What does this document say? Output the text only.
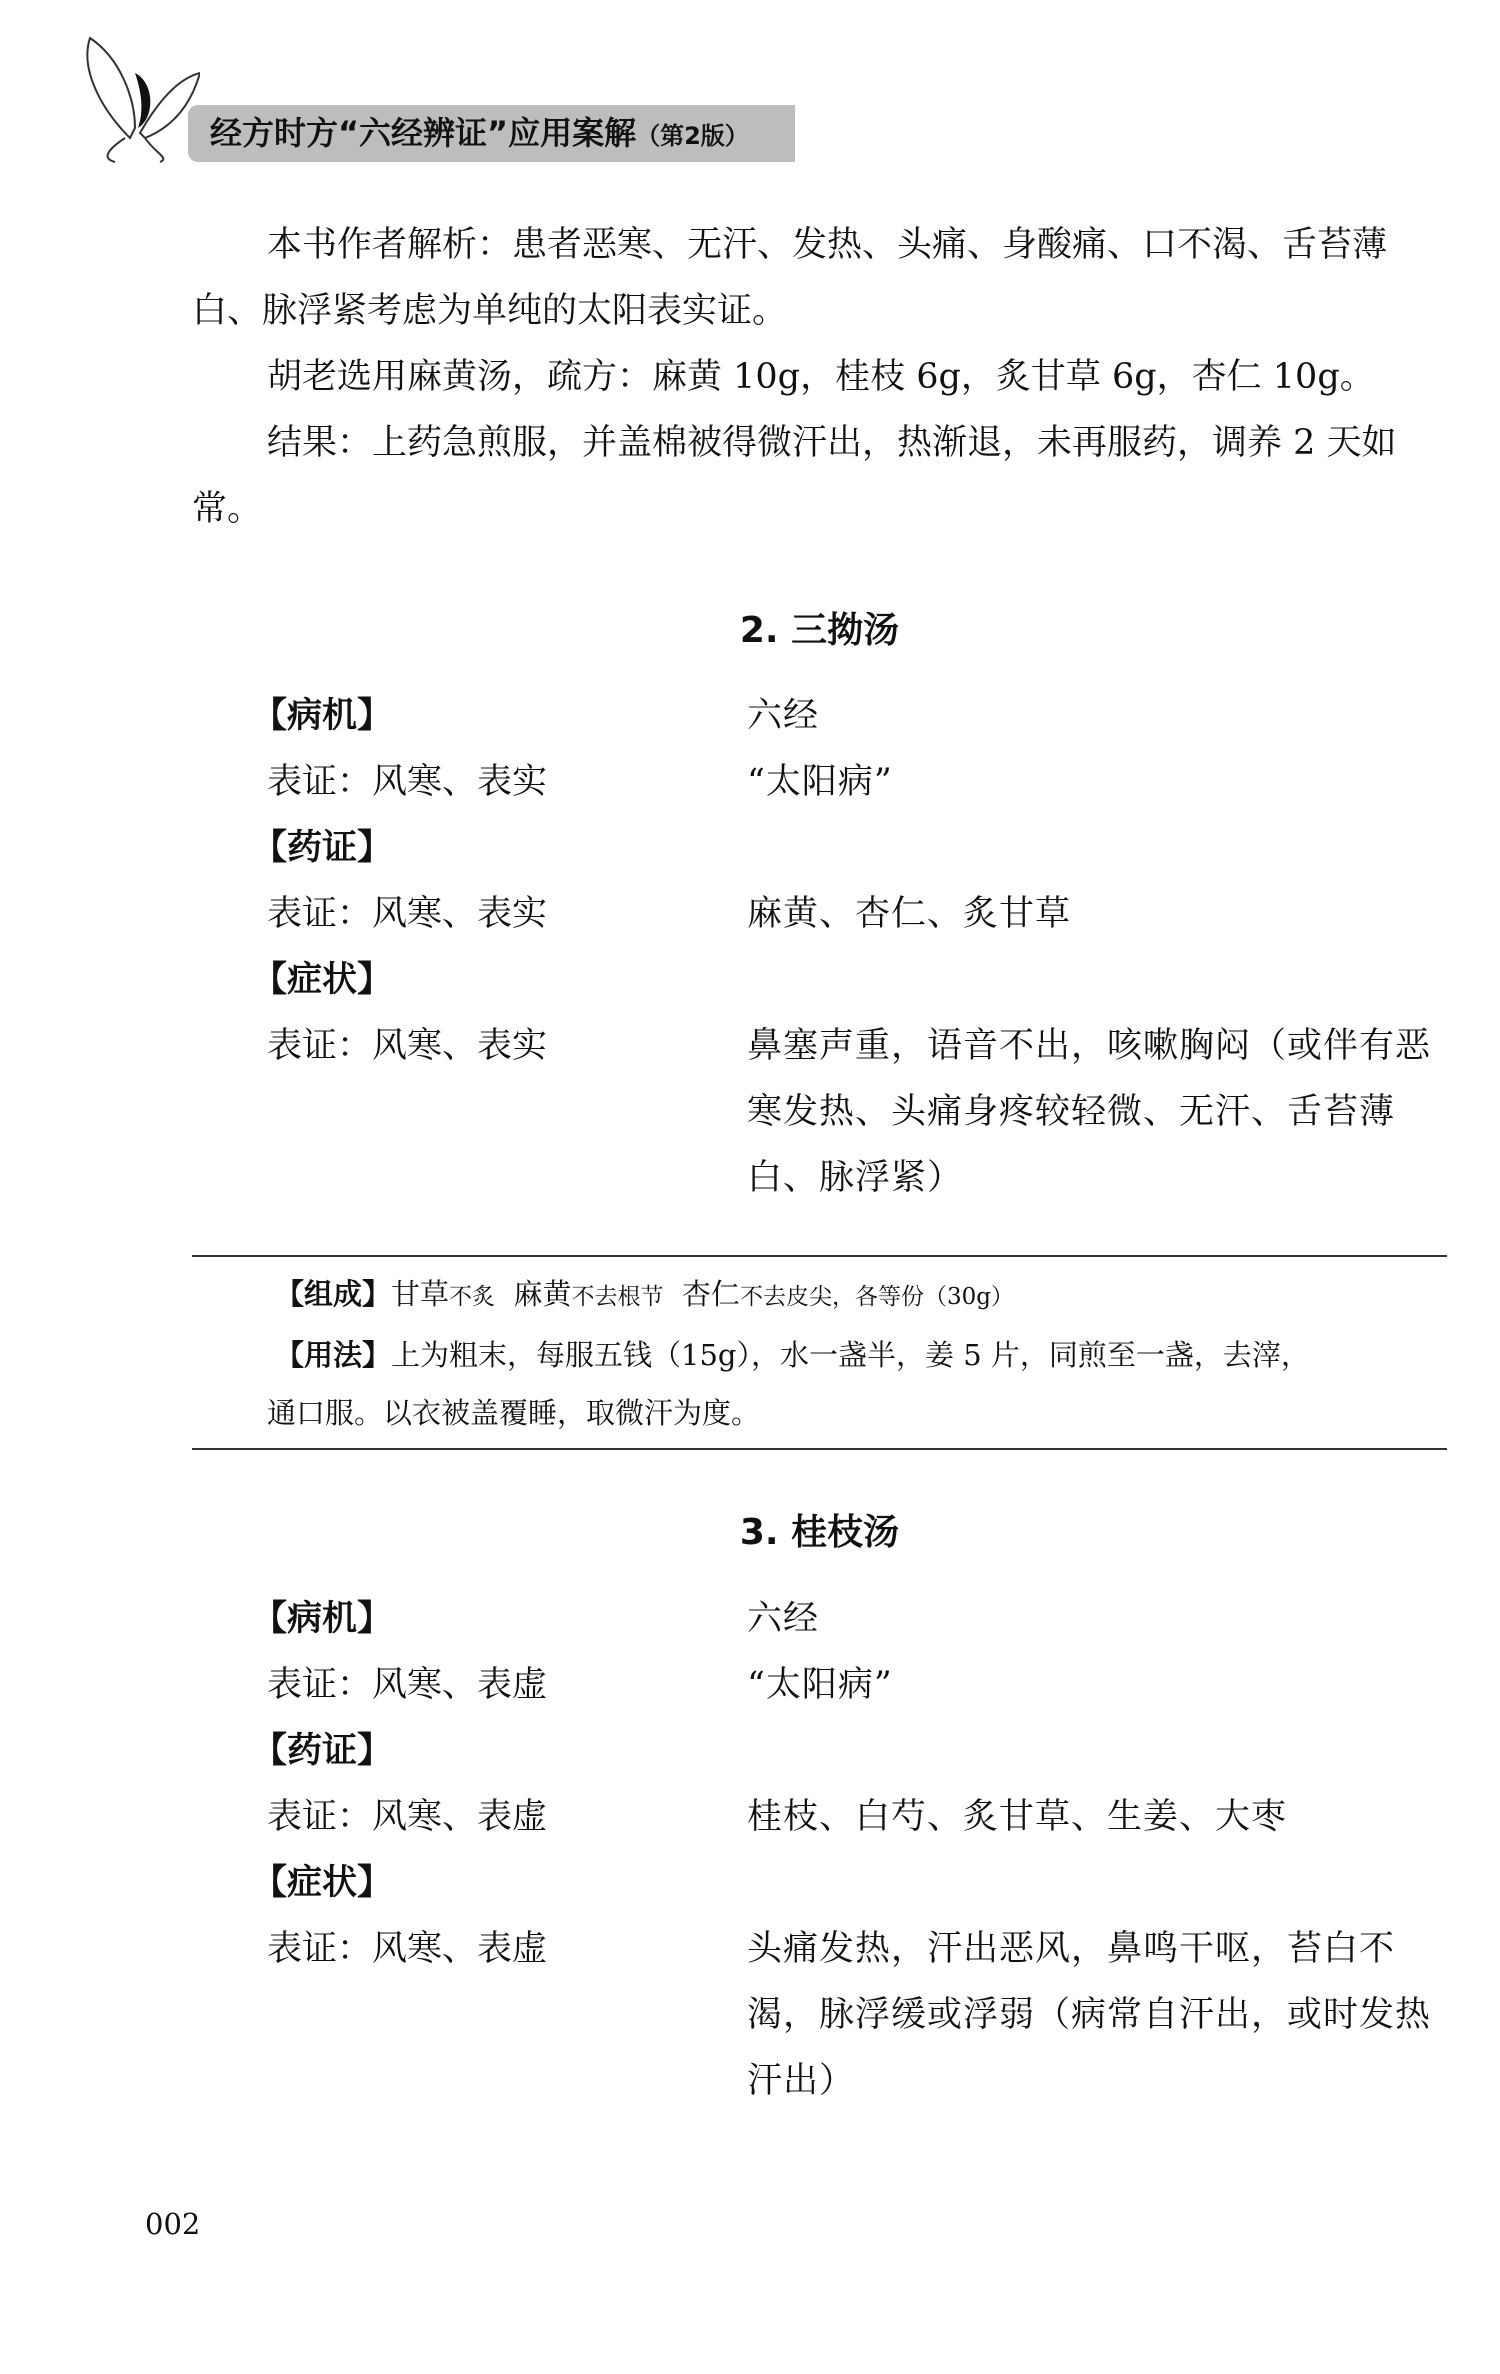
经方时方“六经辨证”应用案解（第2版）

本书作者解析：患者恶寒、无汗、发热、头痛、身酸痛、口不渴、舌苔薄白、脉浮紧考虑为单纯的太阳表实证。

胡老选用麻黄汤，疏方：麻黄 10g，桂枝 6g，炙甘草 6g，杏仁 10g。

结果：上药急煎服，并盖棉被得微汗出，热渐退，未再服药，调养 2 天如常。

2. 三拗汤
【病机】	六经
表证：风寒、表实	“太阳病”
【药证】
表证：风寒、表实	麻黄、杏仁、炙甘草
【症状】
表证：风寒、表实	鼻塞声重，语音不出，咳嗽胸闷（或伴有恶寒发热、头痛身疼较轻微、无汗、舌苔薄白、脉浮紧）
【组成】甘草不炙 麻黄不去根节 杏仁不去皮尖，各等份（30g）
【用法】上为粗末，每服五钱（15g），水一盏半，姜 5 片，同煎至一盏，去滓，
通口服。以衣被盖覆睡，取微汗为度。
3. 桂枝汤
【病机】	六经
表证：风寒、表虚	“太阳病”
【药证】
表证：风寒、表虚	桂枝、白芍、炙甘草、生姜、大枣
【症状】
表证：风寒、表虚	头痛发热，汗出恶风，鼻鸣干呕，苔白不渴，脉浮缓或浮弱（病常自汗出，或时发热汗出）
002
